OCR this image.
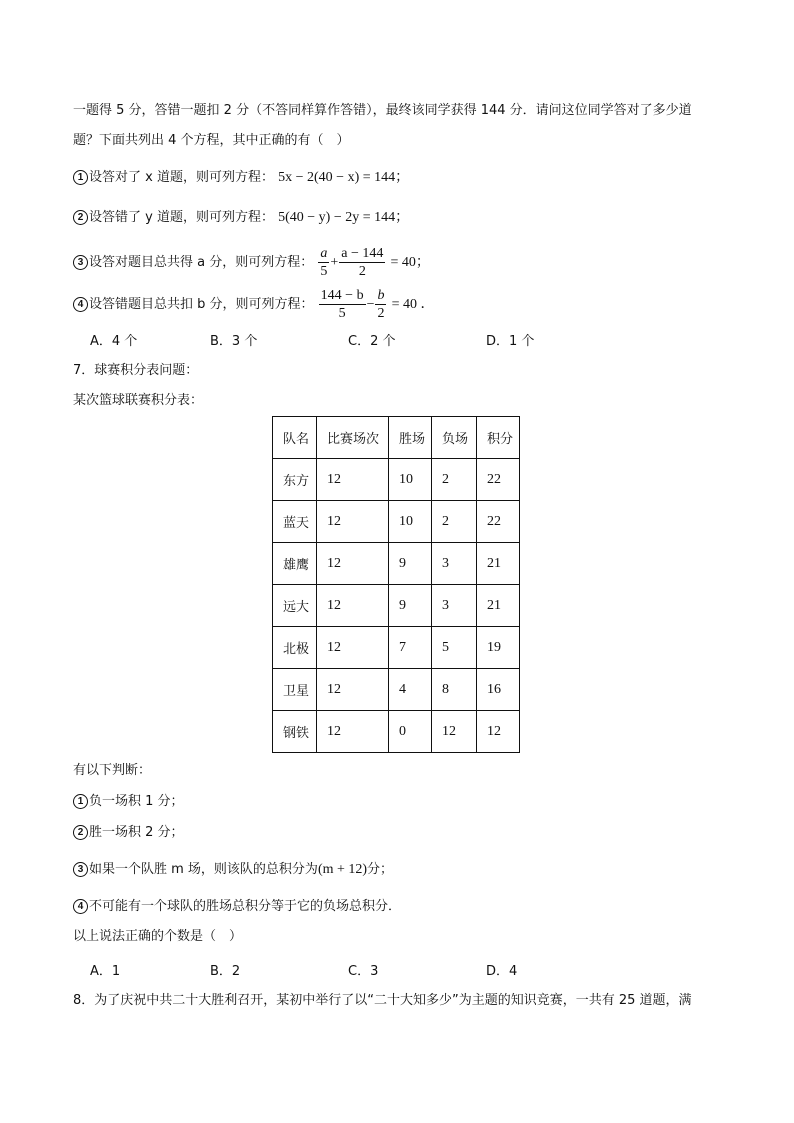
一题得 5 分，答错一题扣 2 分（不答同样算作答错），最终该同学获得 144 分．请问这位同学答对了多少道
题？下面共列出 4 个方程，其中正确的有（　）
1 设答对了 x 道题，则可列方程： 5x − 2(40 − x) = 144；
2 设答错了 y 道题，则可列方程： 5(40 − y) − 2y = 144；
3 设答对题目总共得 a 分，则可列方程： $\frac{a}{5} + \frac{a - 144}{2} = 40$；
4 设答错题目总共扣 b 分，则可列方程： $\frac{144 - b}{5} - \frac{b}{2} = 40$ ．
A．4 个	B．3 个	C．2 个	D．1 个
7．球赛积分表问题：
某次篮球联赛积分表：
队名	比赛场次	胜场	负场	积分
东方	12	10	2	22
蓝天	12	10	2	22
雄鹰	12	9	3	21
远大	12	9	3	21
北极	12	7	5	19
卫星	12	4	8	16
钢铁	12	0	12	12
有以下判断：
1 负一场积 1 分；
2 胜一场积 2 分；
3 如果一个队胜 m 场，则该队的总积分为(m + 12)分；
4 不可能有一个球队的胜场总积分等于它的负场总积分．
以上说法正确的个数是（　）
A．1	B．2	C．3	D．4
8．为了庆祝中共二十大胜利召开，某初中举行了以“二十大知多少”为主题的知识竞赛，一共有 25 道题，满
